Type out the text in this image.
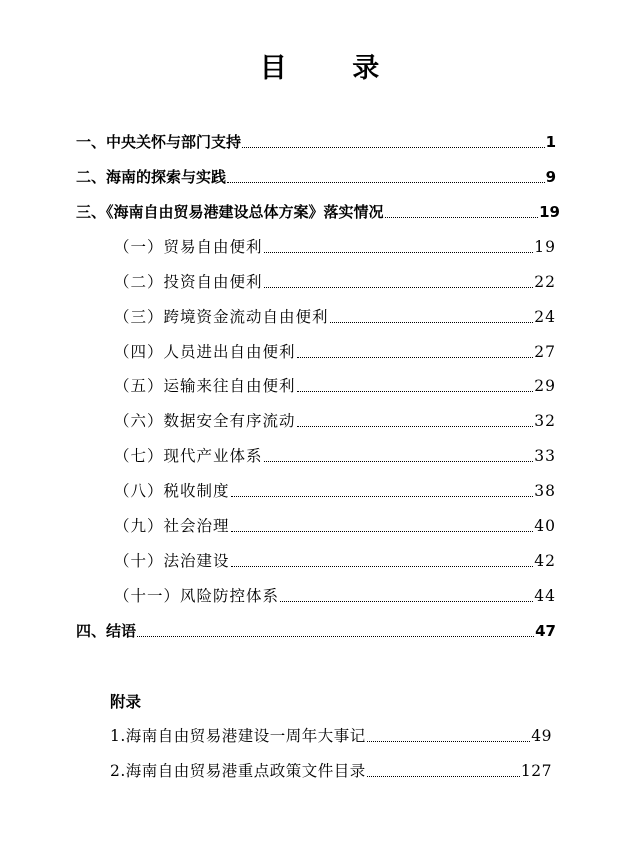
目 录
一、中央关怀与部门支持	1
二、海南的探索与实践	9
三、《海南自由贸易港建设总体方案》落实情况	19
（一）贸易自由便利	19
（二）投资自由便利	22
（三）跨境资金流动自由便利	24
（四）人员进出自由便利	27
（五）运输来往自由便利	29
（六）数据安全有序流动	32
（七）现代产业体系	33
（八）税收制度	38
（九）社会治理	40
（十）法治建设	42
（十一）风险防控体系	44
四、结语	47
附录
1.海南自由贸易港建设一周年大事记	49
2.海南自由贸易港重点政策文件目录	127
